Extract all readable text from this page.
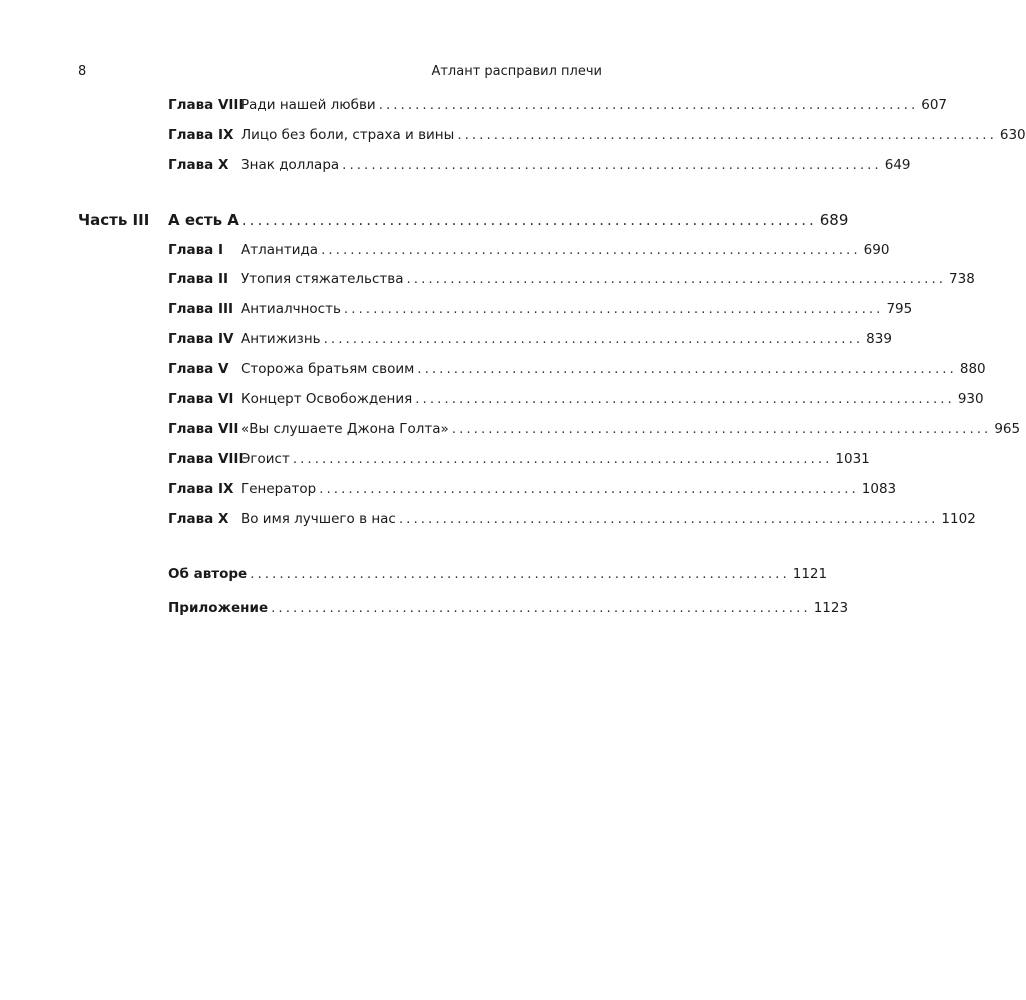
8	Атлант расправил плечи
Глава VIII
Ради нашей любви .......................................................................... 607
Глава IX Лицо без боли, страха и вины .......................................................................... 630
Глава X Знак доллара .......................................................................... 649
Часть III А есть А .......................................................................... 689
Глава I Атлантида .......................................................................... 690
Глава II Утопия стяжательства .......................................................................... 738
Глава III Антиалчность .......................................................................... 795
Глава IV Антижизнь .......................................................................... 839
Глава V Сторожа братьям своим .......................................................................... 880
Глава VI Концерт Освобождения .......................................................................... 930
Глава VII «Вы слушаете Джона Голта» .......................................................................... 965
Глава VIII
Эгоист .......................................................................... 1031
Глава IX Генератор .......................................................................... 1083
Глава X Во имя лучшего в нас .......................................................................... 1102
Об авторе .......................................................................... 1121
Приложение .......................................................................... 1123
